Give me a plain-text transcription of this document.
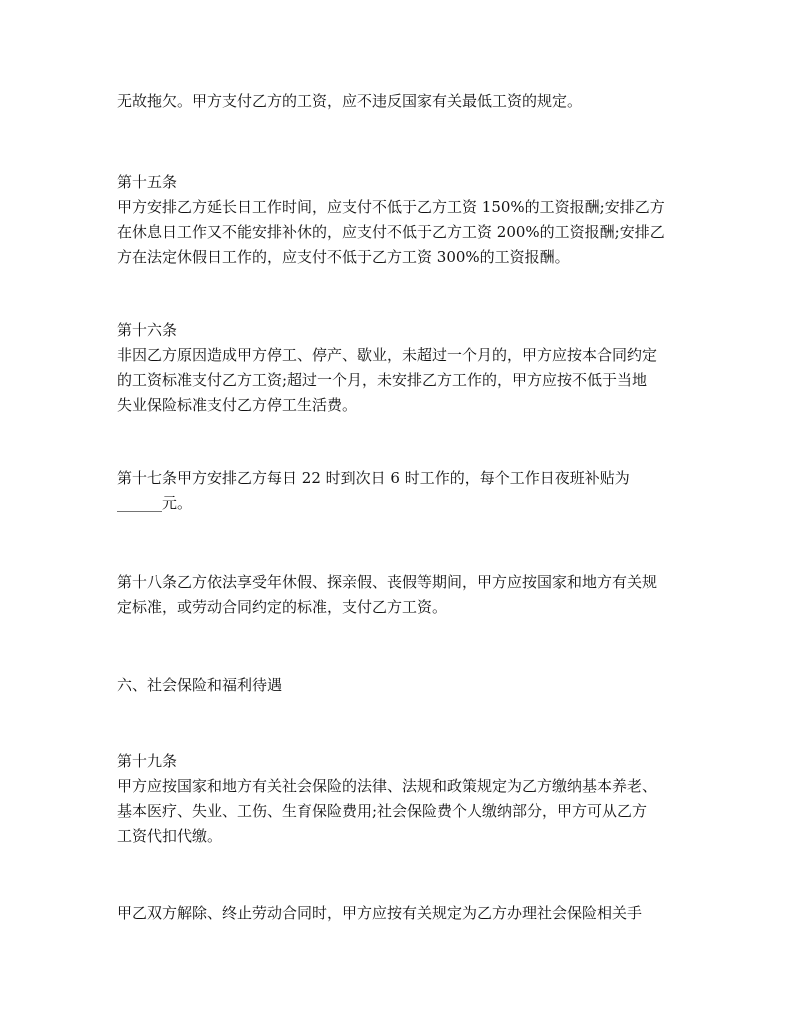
无故拖欠。甲方支付乙方的工资，应不违反国家有关最低工资的规定。
第十五条
甲方安排乙方延长日工作时间，应支付不低于乙方工资 150%的工资报酬;安排乙方
在休息日工作又不能安排补休的，应支付不低于乙方工资 200%的工资报酬;安排乙
方在法定休假日工作的，应支付不低于乙方工资 300%的工资报酬。
第十六条
非因乙方原因造成甲方停工、停产、歇业，未超过一个月的，甲方应按本合同约定
的工资标准支付乙方工资;超过一个月，未安排乙方工作的，甲方应按不低于当地
失业保险标准支付乙方停工生活费。
第十七条甲方安排乙方每日 22 时到次日 6 时工作的，每个工作日夜班补贴为
______元。
第十八条乙方依法享受年休假、探亲假、丧假等期间，甲方应按国家和地方有关规
定标准，或劳动合同约定的标准，支付乙方工资。
六、社会保险和福利待遇
第十九条
甲方应按国家和地方有关社会保险的法律、法规和政策规定为乙方缴纳基本养老、
基本医疗、失业、工伤、生育保险费用;社会保险费个人缴纳部分，甲方可从乙方
工资代扣代缴。
甲乙双方解除、终止劳动合同时，甲方应按有关规定为乙方办理社会保险相关手
